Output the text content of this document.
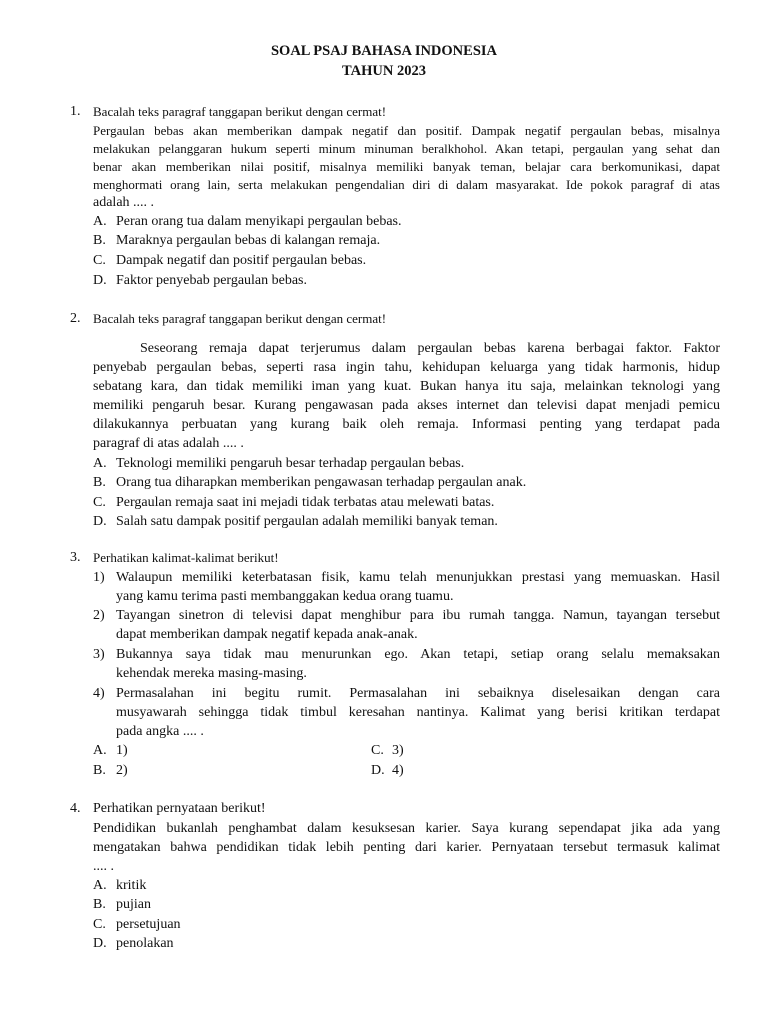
SOAL PSAJ BAHASA INDONESIA
TAHUN 2023
1. Bacalah teks paragraf tanggapan berikut dengan cermat!
Pergaulan bebas akan memberikan dampak negatif dan positif. Dampak negatif pergaulan bebas, misalnya
melakukan pelanggaran hukum seperti minum minuman beralkhohol. Akan tetapi, pergaulan yang sehat dan
benar akan memberikan nilai positif, misalnya memiliki banyak teman, belajar cara berkomunikasi, dapat
menghormati orang lain, serta melakukan pengendalian diri di dalam masyarakat. Ide pokok paragraf di atas
adalah .... .
A. Peran orang tua dalam menyikapi pergaulan bebas.
B. Maraknya pergaulan bebas di kalangan remaja.
C. Dampak negatif dan positif pergaulan bebas.
D. Faktor penyebab pergaulan bebas.
2. Bacalah teks paragraf tanggapan berikut dengan cermat!
Seseorang remaja dapat terjerumus dalam pergaulan bebas karena berbagai faktor. Faktor
penyebab pergaulan bebas, seperti rasa ingin tahu, kehidupan keluarga yang tidak harmonis, hidup
sebatang kara, dan tidak memiliki iman yang kuat. Bukan hanya itu saja, melainkan teknologi yang
memiliki pengaruh besar. Kurang pengawasan pada akses internet dan televisi dapat menjadi pemicu
dilakukannya perbuatan yang kurang baik oleh remaja. Informasi penting yang terdapat pada
paragraf di atas adalah .... .
A. Teknologi memiliki pengaruh besar terhadap pergaulan bebas.
B. Orang tua diharapkan memberikan pengawasan terhadap pergaulan anak.
C. Pergaulan remaja saat ini mejadi tidak terbatas atau melewati batas.
D. Salah satu dampak positif pergaulan adalah memiliki banyak teman.
3. Perhatikan kalimat-kalimat berikut!
1) Walaupun memiliki keterbatasan fisik, kamu telah menunjukkan prestasi yang memuaskan. Hasil
yang kamu terima pasti membanggakan kedua orang tuamu.
2) Tayangan sinetron di televisi dapat menghibur para ibu rumah tangga. Namun, tayangan tersebut
dapat memberikan dampak negatif kepada anak-anak.
3) Bukannya saya tidak mau menurunkan ego. Akan tetapi, setiap orang selalu memaksakan
kehendak mereka masing-masing.
4) Permasalahan ini begitu rumit. Permasalahan ini sebaiknya diselesaikan dengan cara
musyawarah sehingga tidak timbul keresahan nantinya. Kalimat yang berisi kritikan terdapat
pada angka .... .
A. 1)
B. 2)
C. 3)
D. 4)
4. Perhatikan pernyataan berikut!
Pendidikan bukanlah penghambat dalam kesuksesan karier. Saya kurang sependapat jika ada yang
mengatakan bahwa pendidikan tidak lebih penting dari karier. Pernyataan tersebut termasuk kalimat
.... .
A. kritik
B. pujian
C. persetujuan
D. penolakan
